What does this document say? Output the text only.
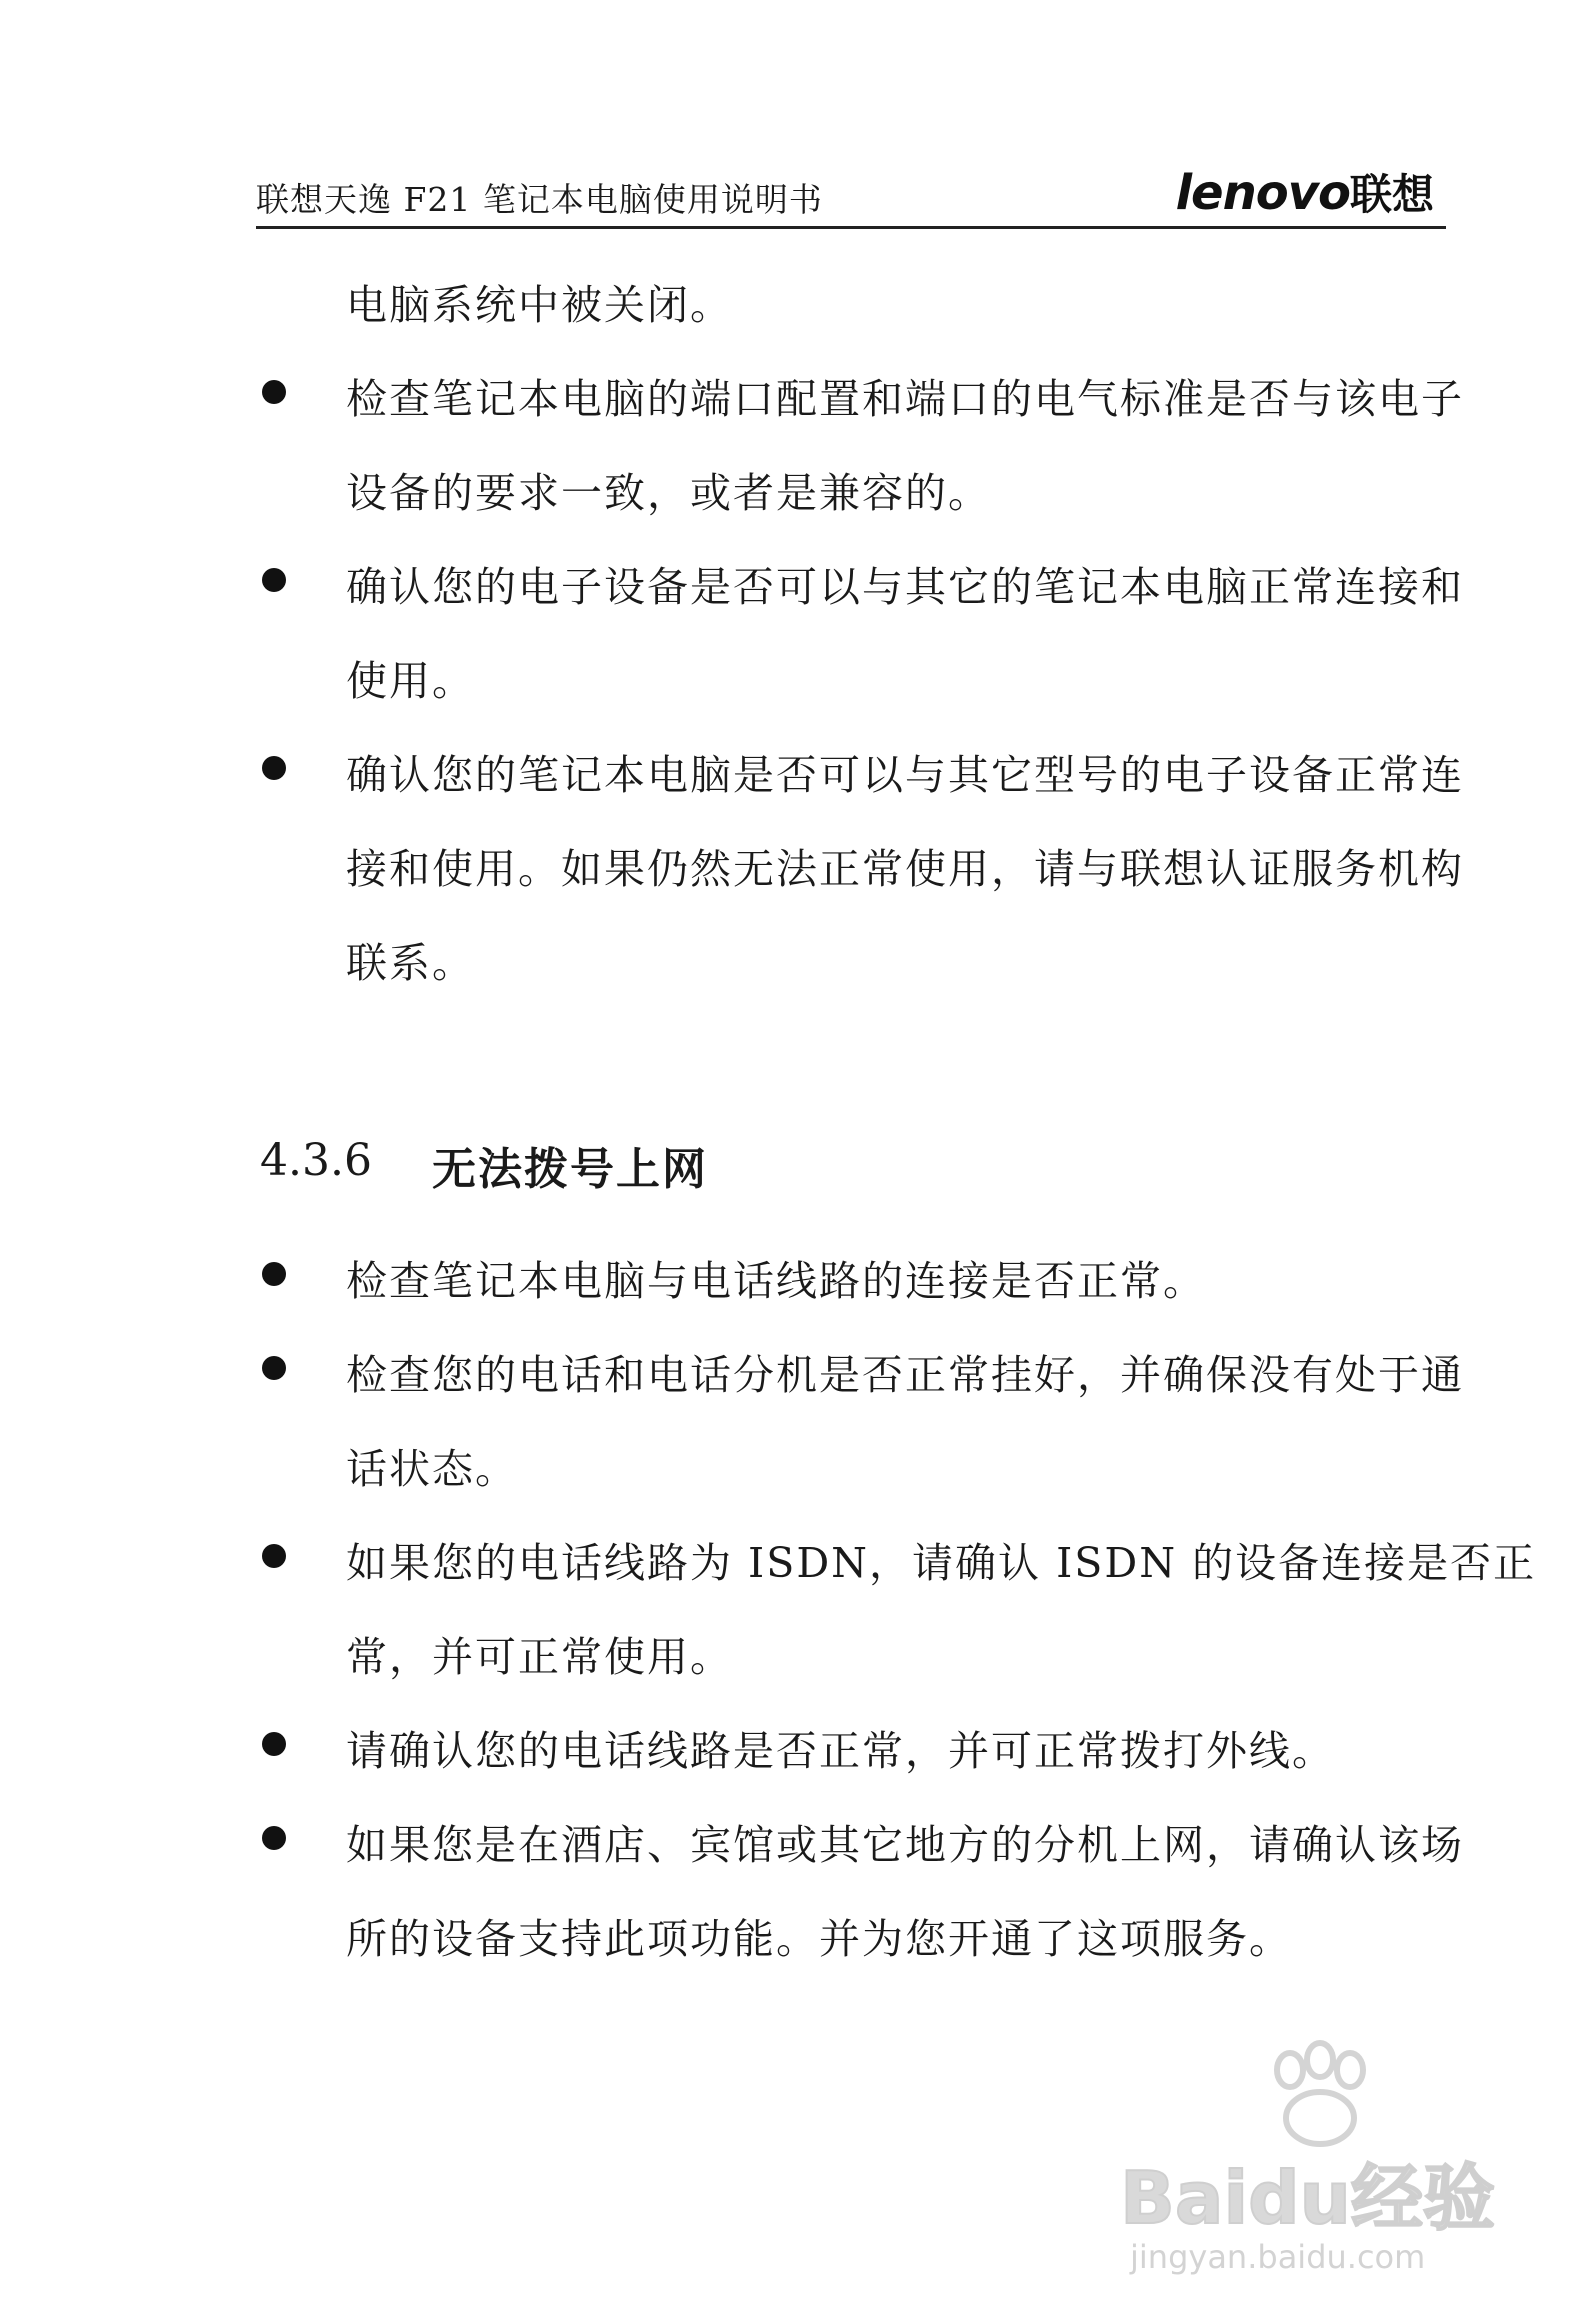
联想天逸 F21 笔记本电脑使用说明书	lenovo联想
电脑系统中被关闭。
检查笔记本电脑的端口配置和端口的电气标准是否与该电子
设备的要求一致，或者是兼容的。
确认您的电子设备是否可以与其它的笔记本电脑正常连接和
使用。
确认您的笔记本电脑是否可以与其它型号的电子设备正常连
接和使用。如果仍然无法正常使用，请与联想认证服务机构
联系。
4.3.6 无法拨号上网
检查笔记本电脑与电话线路的连接是否正常。
检查您的电话和电话分机是否正常挂好，并确保没有处于通
话状态。
如果您的电话线路为 ISDN，请确认 ISDN 的设备连接是否正
常，并可正常使用。
请确认您的电话线路是否正常，并可正常拨打外线。
如果您是在酒店、宾馆或其它地方的分机上网，请确认该场
所的设备支持此项功能。并为您开通了这项服务。
Baidu经验
jingyan.baidu.com
